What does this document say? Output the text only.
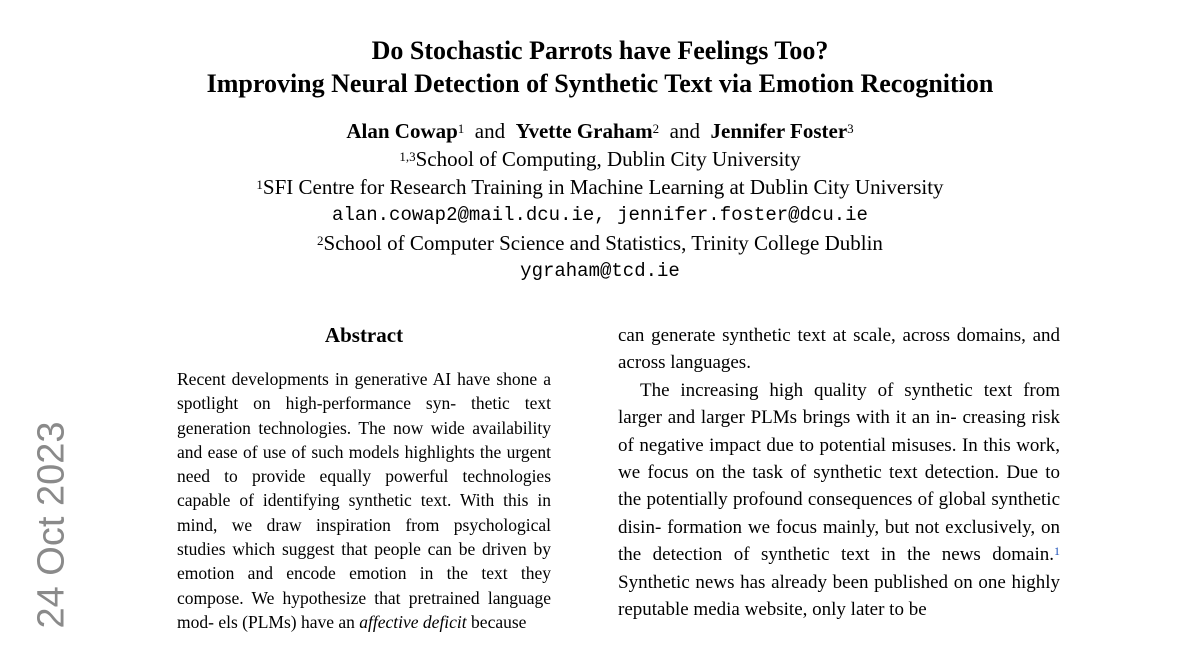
Do Stochastic Parrots have Feelings Too?

Improving Neural Detection of Synthetic Text via Emotion Recognition

Alan Cowap$^1$ and Yvette Graham$^2$ and Jennifer Foster$^3$
$^{1,3}$School of Computing, Dublin City University
$^1$SFI Centre for Research Training in Machine Learning at Dublin City University
alan.cowap2@mail.dcu.ie, jennifer.foster@dcu.ie
$^2$School of Computer Science and Statistics, Trinity College Dublin
ygraham@tcd.ie
24 Oct 2023

Abstract

Recent developments in generative AI have shone a spotlight on high-performance syn- thetic text generation technologies. The now wide availability and ease of use of such models highlights the urgent need to provide equally powerful technologies capable of identifying synthetic text. With this in mind, we draw inspiration from psychological studies which suggest that people can be driven by emotion and encode emotion in the text they compose. We hypothesize that pretrained language mod- els (PLMs) have an affective deficit because

can generate synthetic text at scale, across domains, and across languages.

The increasing high quality of synthetic text from larger and larger PLMs brings with it an in- creasing risk of negative impact due to potential misuses. In this work, we focus on the task of synthetic text detection. Due to the potentially profound consequences of global synthetic disin- formation we focus mainly, but not exclusively, on the detection of synthetic text in the news domain.$^1$ Synthetic news has already been published on one highly reputable media website, only later to be
